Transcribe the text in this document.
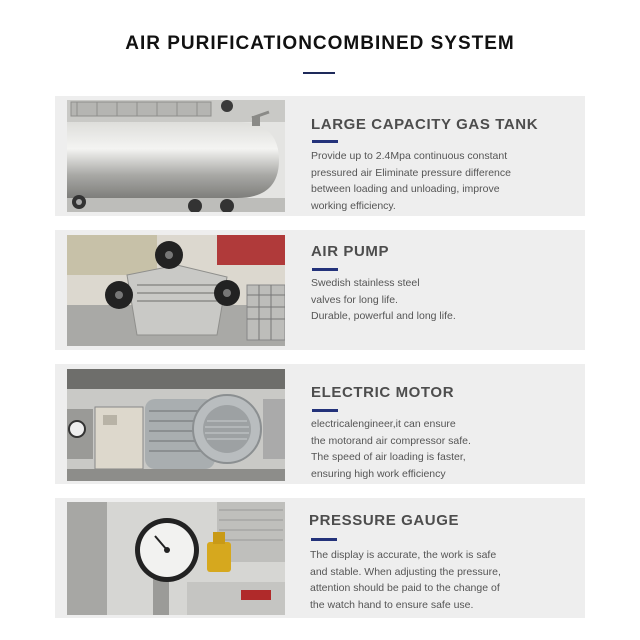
AIR PURIFICATIONCOMBINED SYSTEM
LARGE CAPACITY GAS TANK
Provide up to 2.4Mpa continuous constant
pressured air Eliminate pressure difference
between loading and unloading, improve
working efficiency.
AIR PUMP
Swedish stainless steel
valves for long life.
Durable, powerful and long life.
ELECTRIC MOTOR
electricalengineer,it can ensure
the motorand air compressor safe.
The speed of air loading is faster,
ensuring high work efficiency
PRESSURE GAUGE
The display is accurate, the work is safe
and stable. When adjusting the pressure,
attention should be paid to the change of
the watch hand to ensure safe use.
